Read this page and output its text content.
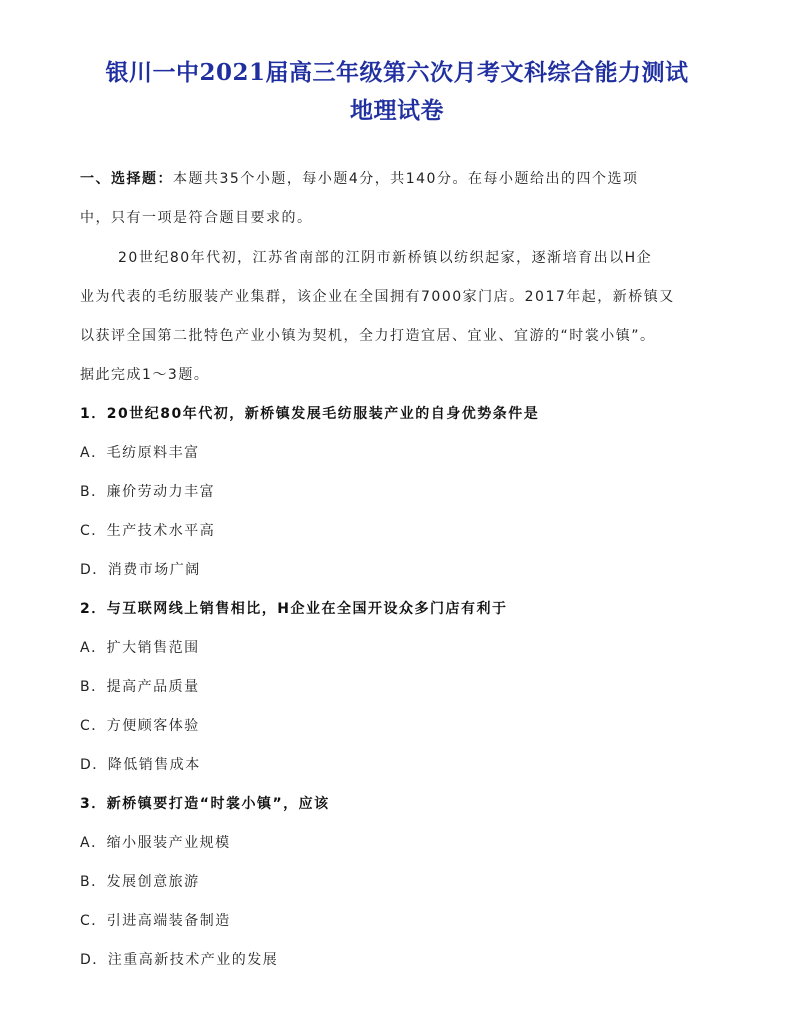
银川一中2021届高三年级第六次月考文科综合能力测试
地理试卷
一、选择题：本题共35个小题，每小题4分，共140分。在每小题给出的四个选项
中，只有一项是符合题目要求的。
20世纪80年代初，江苏省南部的江阴市新桥镇以纺织起家，逐渐培育出以H企
业为代表的毛纺服装产业集群，该企业在全国拥有7000家门店。2017年起，新桥镇又
以获评全国第二批特色产业小镇为契机，全力打造宜居、宜业、宜游的“时裳小镇”。
据此完成1～3题。
1．20世纪80年代初，新桥镇发展毛纺服装产业的自身优势条件是
A．毛纺原料丰富
B．廉价劳动力丰富
C．生产技术水平高
D．消费市场广阔
2．与互联网线上销售相比，H企业在全国开设众多门店有利于
A．扩大销售范围
B．提高产品质量
C．方便顾客体验
D．降低销售成本
3．新桥镇要打造“时裳小镇”，应该
A．缩小服装产业规模
B．发展创意旅游
C．引进高端装备制造
D．注重高新技术产业的发展
